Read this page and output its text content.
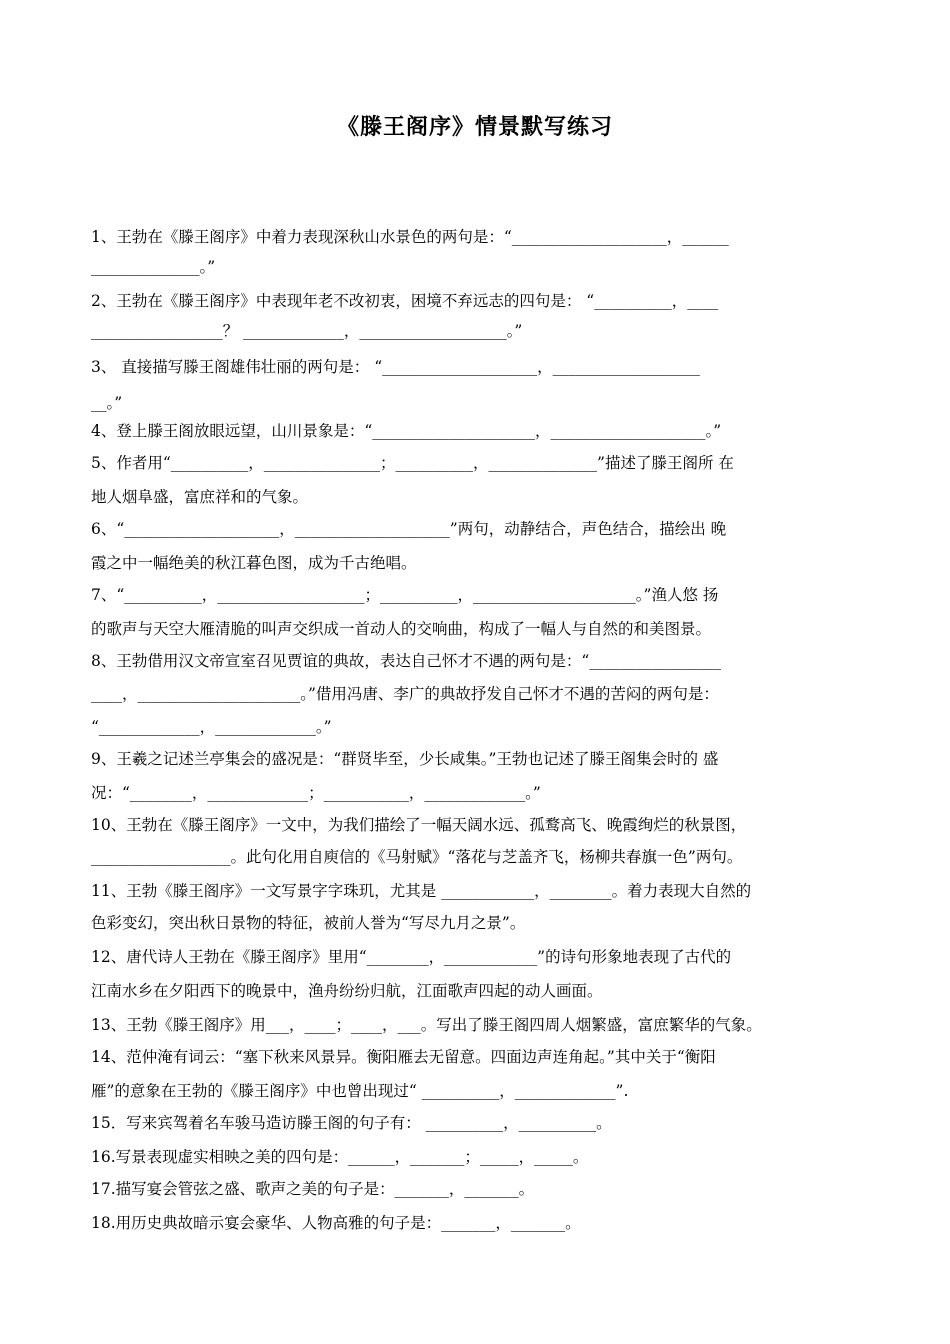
《滕王阁序》情景默写练习
1、王勃在《滕王阁序》中着力表现深秋山水景色的两句是：“____________________，______
______________。”
2、王勃在《滕王阁序》中表现年老不改初衷，困境不弃远志的四句是： “__________，____
_________________？ _____________，___________________。”
3、 直接描写滕王阁雄伟壮丽的两句是： “____________________，___________________
__。”
4、登上滕王阁放眼远望，山川景象是：“_____________________，____________________。”
5、作者用“__________，_______________；__________，______________”描述了滕王阁所 在
地人烟阜盛，富庶祥和的气象。
6、“____________________，____________________”两句，动静结合，声色结合，描绘出 晚
霞之中一幅绝美的秋江暮色图，成为千古绝唱。
7、“__________，___________________；__________，_____________________。”渔人悠 扬
的歌声与天空大雁清脆的叫声交织成一首动人的交响曲，构成了一幅人与自然的和美图景。
8、王勃借用汉文帝宣室召见贾谊的典故，表达自己怀才不遇的两句是：“_________________
____，_____________________。”借用冯唐、李广的典故抒发自己怀才不遇的苦闷的两句是：
“_____________，_____________。”
9、王羲之记述兰亭集会的盛况是：“群贤毕至，少长咸集。”王勃也记述了滕王阁集会时的 盛
况：“________，_____________；___________，_____________。”
10、王勃在《滕王阁序》一文中，为我们描绘了一幅天阔水远、孤鹜高飞、晚霞绚烂的秋景图，
__________________。此句化用自庾信的《马射赋》“落花与芝盖齐飞，杨柳共春旗一色”两句。
11、王勃《滕王阁序》一文写景字字珠玑，尤其是 ____________，________。着力表现大自然的
色彩变幻，突出秋日景物的特征，被前人誉为“写尽九月之景”。
12、唐代诗人王勃在《滕王阁序》里用“________，____________”的诗句形象地表现了古代的
江南水乡在夕阳西下的晚景中，渔舟纷纷归航，江面歌声四起的动人画面。
13、王勃《滕王阁序》用___，____；____，___。写出了滕王阁四周人烟繁盛，富庶繁华的气象。
14、范仲淹有词云：“塞下秋来风景异。衡阳雁去无留意。四面边声连角起。”其中关于“衡阳
雁”的意象在王勃的《滕王阁序》中也曾出现过“ __________，_____________”.
15．写来宾驾着名车骏马造访滕王阁的句子有： __________，__________。
16.写景表现虚实相映之美的四句是：______，_______；_____，_____。
17.描写宴会管弦之盛、歌声之美的句子是：_______，_______。
18.用历史典故暗示宴会豪华、人物高雅的句子是：_______，_______。
